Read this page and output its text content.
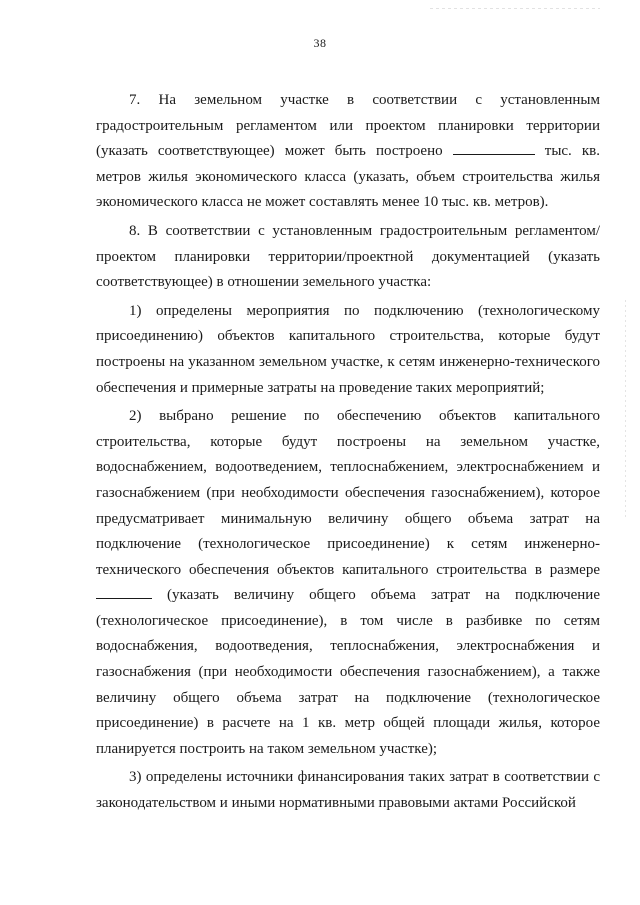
38

7. На земельном участке в соответствии с установленным градостроительным регламентом или проектом планировки территории (указать соответствующее) может быть построено	тыс. кв. метров жилья экономического класса (указать, объем строительства жилья экономического класса не может составлять менее 10 тыс. кв. метров).

8. В соответствии с установленным градостроительным регламентом/проектом планировки территории/проектной документацией (указать соответствующее) в отношении земельного участка:

1) определены мероприятия по подключению (технологическому присоединению) объектов капитального строительства, которые будут построены на указанном земельном участке, к сетям инженерно-технического обеспечения и примерные затраты на проведение таких мероприятий;

2) выбрано решение по обеспечению объектов капитального строительства, которые будут построены на земельном участке, водоснабжением, водоотведением, теплоснабжением, электроснабжением и газоснабжением (при необходимости обеспечения газоснабжением), которое предусматривает минимальную величину общего объема затрат на подключение (технологическое присоединение) к сетям инженерно-технического обеспечения объектов капитального строительства в размере  (указать величину общего объема затрат на подключение (технологическое присоединение), в том числе в разбивке по сетям водоснабжения, водоотведения, теплоснабжения, электроснабжения и газоснабжения (при необходимости обеспечения газоснабжением), а также величину общего объема затрат на подключение (технологическое присоединение) в расчете на 1 кв. метр общей площади жилья, которое планируется построить на таком земельном участке);

3) определены источники финансирования таких затрат в соответствии с законодательством и иными нормативными правовыми актами Российской
